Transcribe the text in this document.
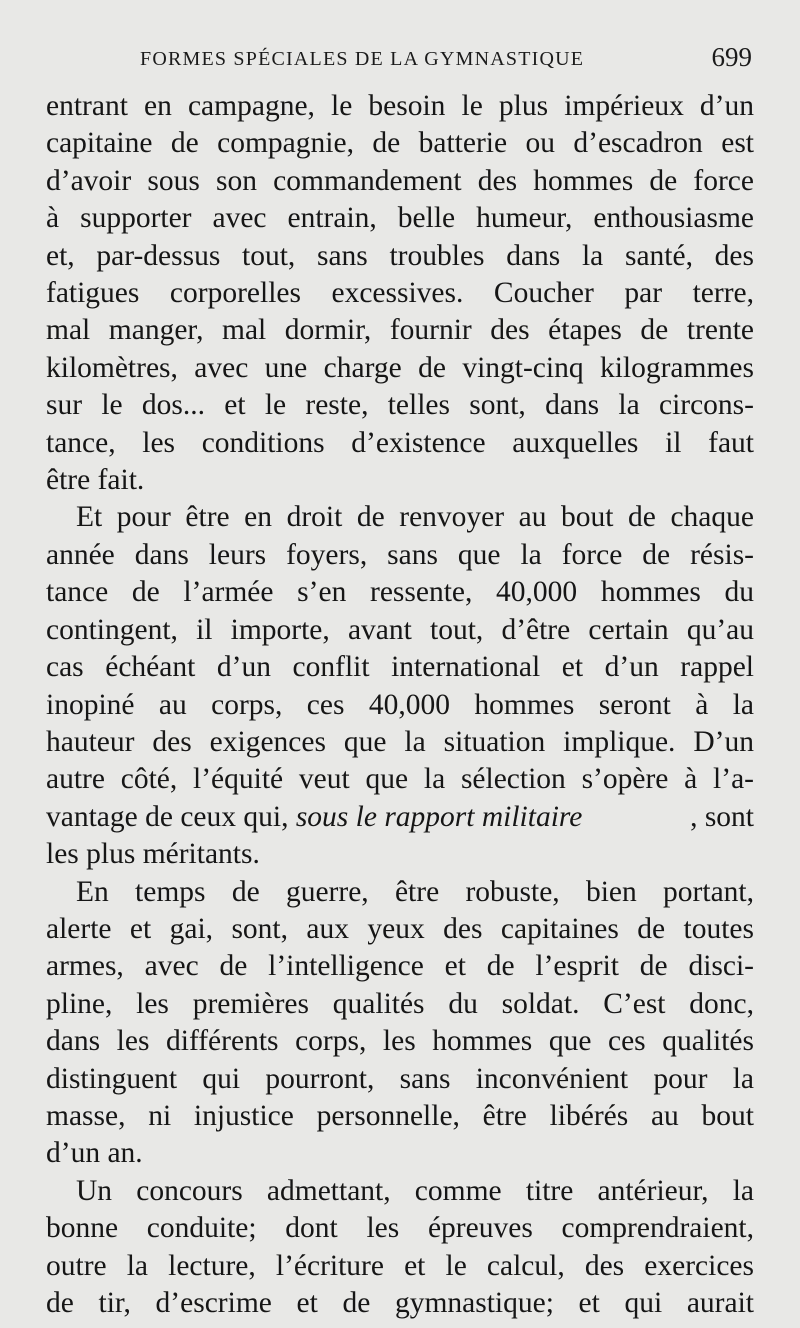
FORMES SPÉCIALES DE LA GYMNASTIQUE	699
entrant en campagne, le besoin le plus impérieux d’un
capitaine de compagnie, de batterie ou d’escadron est
d’avoir sous son commandement des hommes de force
à supporter avec entrain, belle humeur, enthousiasme
et, par-dessus tout, sans troubles dans la santé, des
fatigues corporelles excessives. Coucher par terre,
mal manger, mal dormir, fournir des étapes de trente
kilomètres, avec une charge de vingt-cinq kilogrammes
sur le dos... et le reste, telles sont, dans la circons-
tance, les conditions d’existence auxquelles il faut
être fait.
Et pour être en droit de renvoyer au bout de chaque
année dans leurs foyers, sans que la force de résis-
tance de l’armée s’en ressente, 40,000 hommes du
contingent, il importe, avant tout, d’être certain qu’au
cas échéant d’un conflit international et d’un rappel
inopiné au corps, ces 40,000 hommes seront à la
hauteur des exigences que la situation implique. D’un
autre côté, l’équité veut que la sélection s’opère à l’a-
vantage de ceux qui, sous le rapport militaire	, sont
les plus méritants.
En temps de guerre, être robuste, bien portant,
alerte et gai, sont, aux yeux des capitaines de toutes
armes, avec de l’intelligence et de l’esprit de disci-
pline, les premières qualités du soldat. C’est donc,
dans les différents corps, les hommes que ces qualités
distinguent qui pourront, sans inconvénient pour la
masse, ni injustice personnelle, être libérés au bout
d’un an.
Un concours admettant, comme titre antérieur, la
bonne conduite; dont les épreuves comprendraient,
outre la lecture, l’écriture et le calcul, des exercices
de tir, d’escrime et de gymnastique; et qui aurait
